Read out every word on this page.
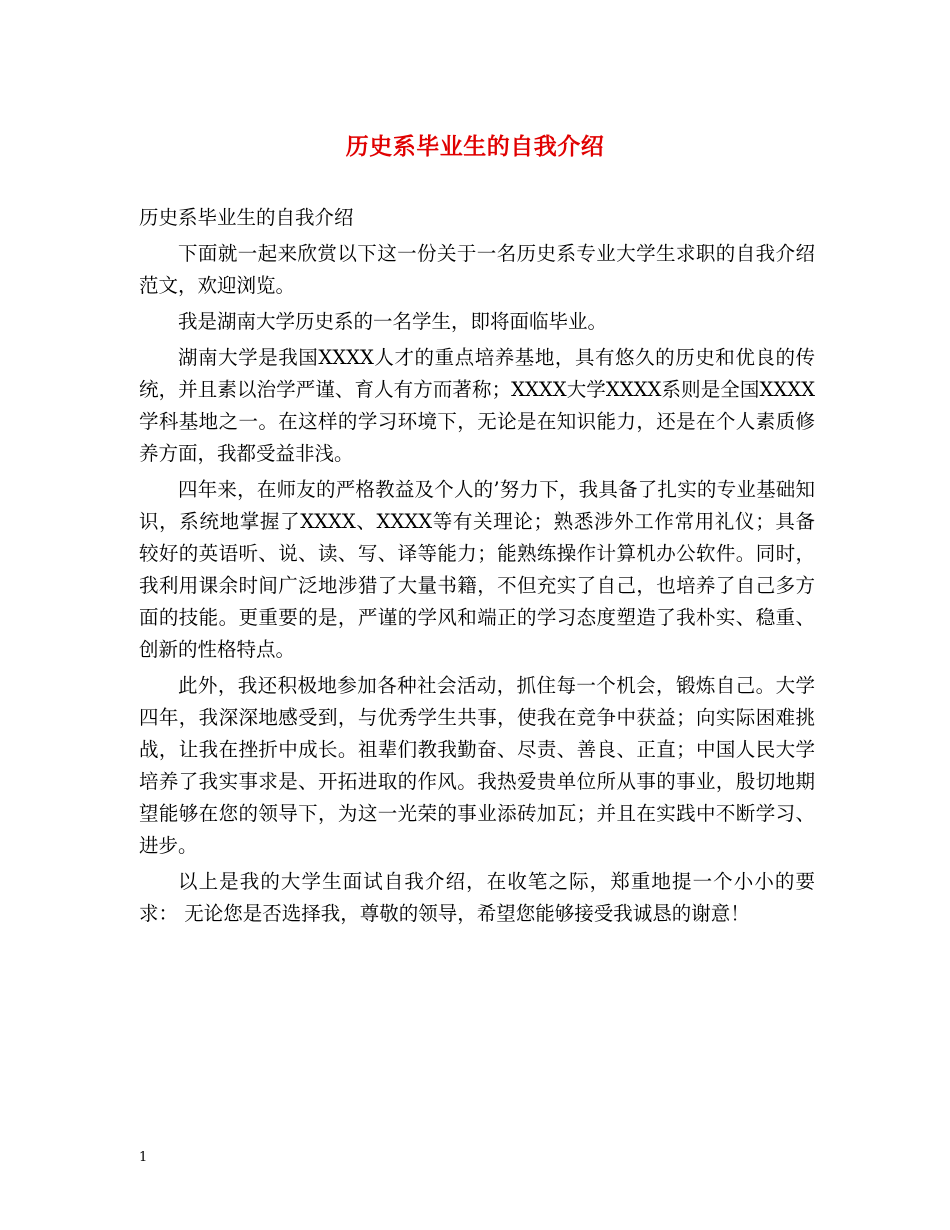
历史系毕业生的自我介绍

历史系毕业生的自我介绍

下面就一起来欣赏以下这一份关于一名历史系专业大学生求职的自我介绍范文，欢迎浏览。

我是湖南大学历史系的一名学生，即将面临毕业。

湖南大学是我国XXXX人才的重点培养基地，具有悠久的历史和优良的传统，并且素以治学严谨、育人有方而著称；XXXX大学XXXX系则是全国XXXX学科基地之一。在这样的学习环境下，无论是在知识能力，还是在个人素质修养方面，我都受益非浅。

四年来，在师友的严格教益及个人的’努力下，我具备了扎实的专业基础知识，系统地掌握了XXXX、XXXX等有关理论；熟悉涉外工作常用礼仪；具备较好的英语听、说、读、写、译等能力；能熟练操作计算机办公软件。同时，我利用课余时间广泛地涉猎了大量书籍，不但充实了自己，也培养了自己多方面的技能。更重要的是，严谨的学风和端正的学习态度塑造了我朴实、稳重、创新的性格特点。

此外，我还积极地参加各种社会活动，抓住每一个机会，锻炼自己。大学四年，我深深地感受到，与优秀学生共事，使我在竞争中获益；向实际困难挑战，让我在挫折中成长。祖辈们教我勤奋、尽责、善良、正直；中国人民大学培养了我实事求是、开拓进取的作风。我热爱贵单位所从事的事业，殷切地期望能够在您的领导下，为这一光荣的事业添砖加瓦；并且在实践中不断学习、进步。

以上是我的大学生面试自我介绍，在收笔之际，郑重地提一个小小的要求： 无论您是否选择我，尊敬的领导，希望您能够接受我诚恳的谢意！

1
